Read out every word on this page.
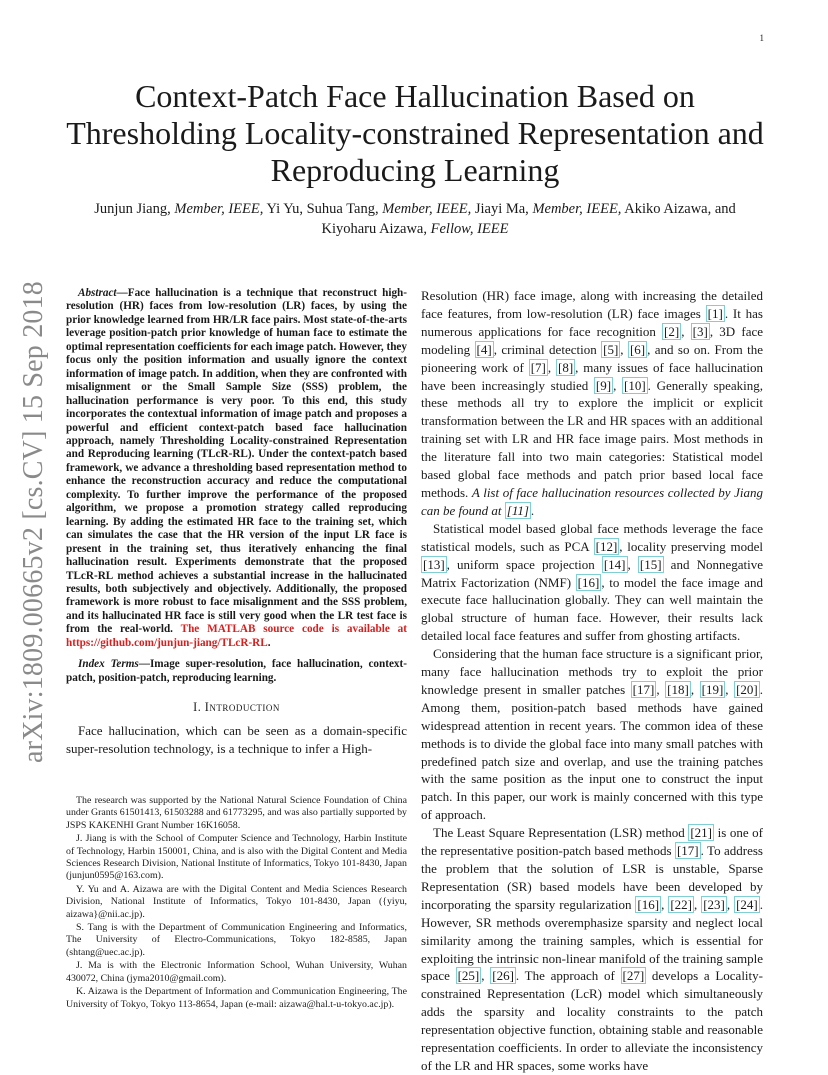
1
arXiv:1809.00665v2 [cs.CV] 15 Sep 2018
Context-Patch Face Hallucination Based on Thresholding Locality-constrained Representation and Reproducing Learning
Junjun Jiang, Member, IEEE, Yi Yu, Suhua Tang, Member, IEEE, Jiayi Ma, Member, IEEE, Akiko Aizawa, and
Kiyoharu Aizawa, Fellow, IEEE

Abstract—Face hallucination is a technique that reconstruct high-resolution (HR) faces from low-resolution (LR) faces, by using the prior knowledge learned from HR/LR face pairs. Most state-of-the-arts leverage position-patch prior knowledge of human face to estimate the optimal representation coefficients for each image patch. However, they focus only the position information and usually ignore the context information of image patch. In addition, when they are confronted with misalignment or the Small Sample Size (SSS) problem, the hallucination performance is very poor. To this end, this study incorporates the contextual information of image patch and proposes a powerful and efficient context-patch based face hallucination approach, namely Thresholding Locality-constrained Representation and Reproducing learning (TLcR-RL). Under the context-patch based framework, we advance a thresholding based representation method to enhance the reconstruction accuracy and reduce the computational complexity. To further improve the performance of the proposed algorithm, we propose a promotion strategy called reproducing learning. By adding the estimated HR face to the training set, which can simulates the case that the HR version of the input LR face is present in the training set, thus iteratively enhancing the final hallucination result. Experiments demonstrate that the proposed TLcR-RL method achieves a substantial increase in the hallucinated results, both subjectively and objectively. Additionally, the proposed framework is more robust to face misalignment and the SSS problem, and its hallucinated HR face is still very good when the LR test face is from the real-world. The MATLAB source code is available at https://github.com/junjun-jiang/TLcR-RL.

Index Terms—Image super-resolution, face hallucination, context-patch, position-patch, reproducing learning.

I. Introduction

Face hallucination, which can be seen as a domain-specific super-resolution technology, is a technique to infer a High-

The research was supported by the National Natural Science Foundation of China under Grants 61501413, 61503288 and 61773295, and was also partially supported by JSPS KAKENHI Grant Number 16K16058.

J. Jiang is with the School of Computer Science and Technology, Harbin Institute of Technology, Harbin 150001, China, and is also with the Digital Content and Media Sciences Research Division, National Institute of Informatics, Tokyo 101-8430, Japan (junjun0595@163.com).

Y. Yu and A. Aizawa are with the Digital Content and Media Sciences Research Division, National Institute of Informatics, Tokyo 101-8430, Japan ({yiyu, aizawa}@nii.ac.jp).

S. Tang is with the Department of Communication Engineering and Informatics, The University of Electro-Communications, Tokyo 182-8585, Japan (shtang@uec.ac.jp).

J. Ma is with the Electronic Information School, Wuhan University, Wuhan 430072, China (jyma2010@gmail.com).

K. Aizawa is the Department of Information and Communication Engineering, The University of Tokyo, Tokyo 113-8654, Japan (e-mail: aizawa@hal.t-u-tokyo.ac.jp).

Resolution (HR) face image, along with increasing the detailed face features, from low-resolution (LR) face images [1] . It has numerous applications for face recognition [2] , [3] , 3D face modeling [4] , criminal detection [5] , [6] , and so on. From the pioneering work of [7] , [8] , many issues of face hallucination have been increasingly studied [9] , [10] . Generally speaking, these methods all try to explore the implicit or explicit transformation between the LR and HR spaces with an additional training set with LR and HR face image pairs. Most methods in the literature fall into two main categories: Statistical model based global face methods and patch prior based local face methods. A list of face hallucination resources collected by Jiang can be found at [11] .

Statistical model based global face methods leverage the face statistical models, such as PCA [12] , locality preserving model [13] , uniform space projection [14] , [15] and Nonnegative Matrix Factorization (NMF) [16] , to model the face image and execute face hallucination globally. They can well maintain the global structure of human face. However, their results lack detailed local face features and suffer from ghosting artifacts.

Considering that the human face structure is a significant prior, many face hallucination methods try to exploit the prior knowledge present in smaller patches [17] , [18] , [19] , [20] . Among them, position-patch based methods have gained widespread attention in recent years. The common idea of these methods is to divide the global face into many small patches with predefined patch size and overlap, and use the training patches with the same position as the input one to construct the input patch. In this paper, our work is mainly concerned with this type of approach.

The Least Square Representation (LSR) method [21] is one of the representative position-patch based methods [17] . To address the problem that the solution of LSR is unstable, Sparse Representation (SR) based models have been developed by incorporating the sparsity regularization [16] , [22] , [23] , [24] . However, SR methods overemphasize sparsity and neglect local similarity among the training samples, which is essential for exploiting the intrinsic non-linear manifold of the training sample space [25] , [26] . The approach of [27] develops a Locality-constrained Representation (LcR) model which simultaneously adds the sparsity and locality constraints to the patch representation objective function, obtaining stable and reasonable representation coefficients. In order to alleviate the inconsistency of the LR and HR spaces, some works have
